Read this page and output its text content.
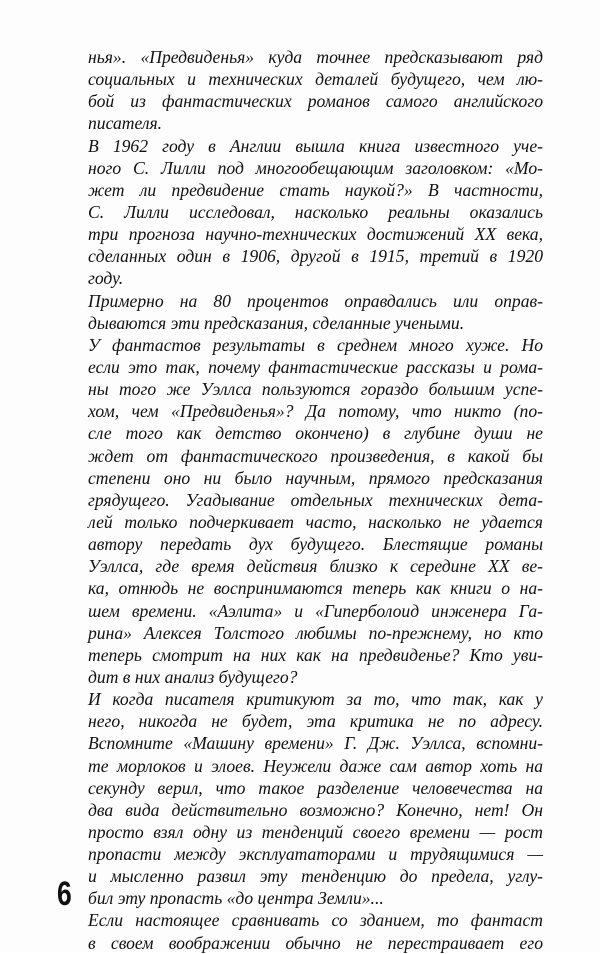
нья». «Предвиденья» куда точнее предсказывают ряд
социальных и технических деталей будущего, чем лю-
бой из фантастических романов самого английского
писателя.
В 1962 году в Англии вышла книга известного уче-
ного С. Лилли под многообещающим заголовком: «Мо-
жет ли предвидение стать наукой?» В частности,
С. Лилли исследовал, насколько реальны оказались
три прогноза научно-технических достижений XX века,
сделанных один в 1906, другой в 1915, третий в 1920
году.
Примерно на 80 процентов оправдались или оправ-
дываются эти предсказания, сделанные учеными.
У фантастов результаты в среднем много хуже. Но
если это так, почему фантастические рассказы и рома-
ны того же Уэллса пользуются гораздо большим успе-
хом, чем «Предвиденья»? Да потому, что никто (по-
сле того как детство окончено) в глубине души не
ждет от фантастического произведения, в какой бы
степени оно ни было научным, прямого предсказания
грядущего. Угадывание отдельных технических дета-
лей только подчеркивает часто, насколько не удается
автору передать дух будущего. Блестящие романы
Уэллса, где время действия близко к середине XX ве-
ка, отнюдь не воспринимаются теперь как книги о на-
шем времени. «Аэлита» и «Гиперболоид инженера Га-
рина» Алексея Толстого любимы по-прежнему, но кто
теперь смотрит на них как на предвиденье? Кто уви-
дит в них анализ будущего?
И когда писателя критикуют за то, что так, как у
него, никогда не будет, эта критика не по адресу.
Вспомните «Машину времени» Г. Дж. Уэллса, вспомни-
те морлоков и элоев. Неужели даже сам автор хоть на
секунду верил, что такое разделение человечества на
два вида действительно возможно? Конечно, нет! Он
просто взял одну из тенденций своего времени — рост
пропасти между эксплуататорами и трудящимися —
и мысленно развил эту тенденцию до предела, углу-
бил эту пропасть «до центра Земли»...
Если настоящее сравнивать со зданием, то фантаст
в своем воображении обычно не перестраивает его
6
